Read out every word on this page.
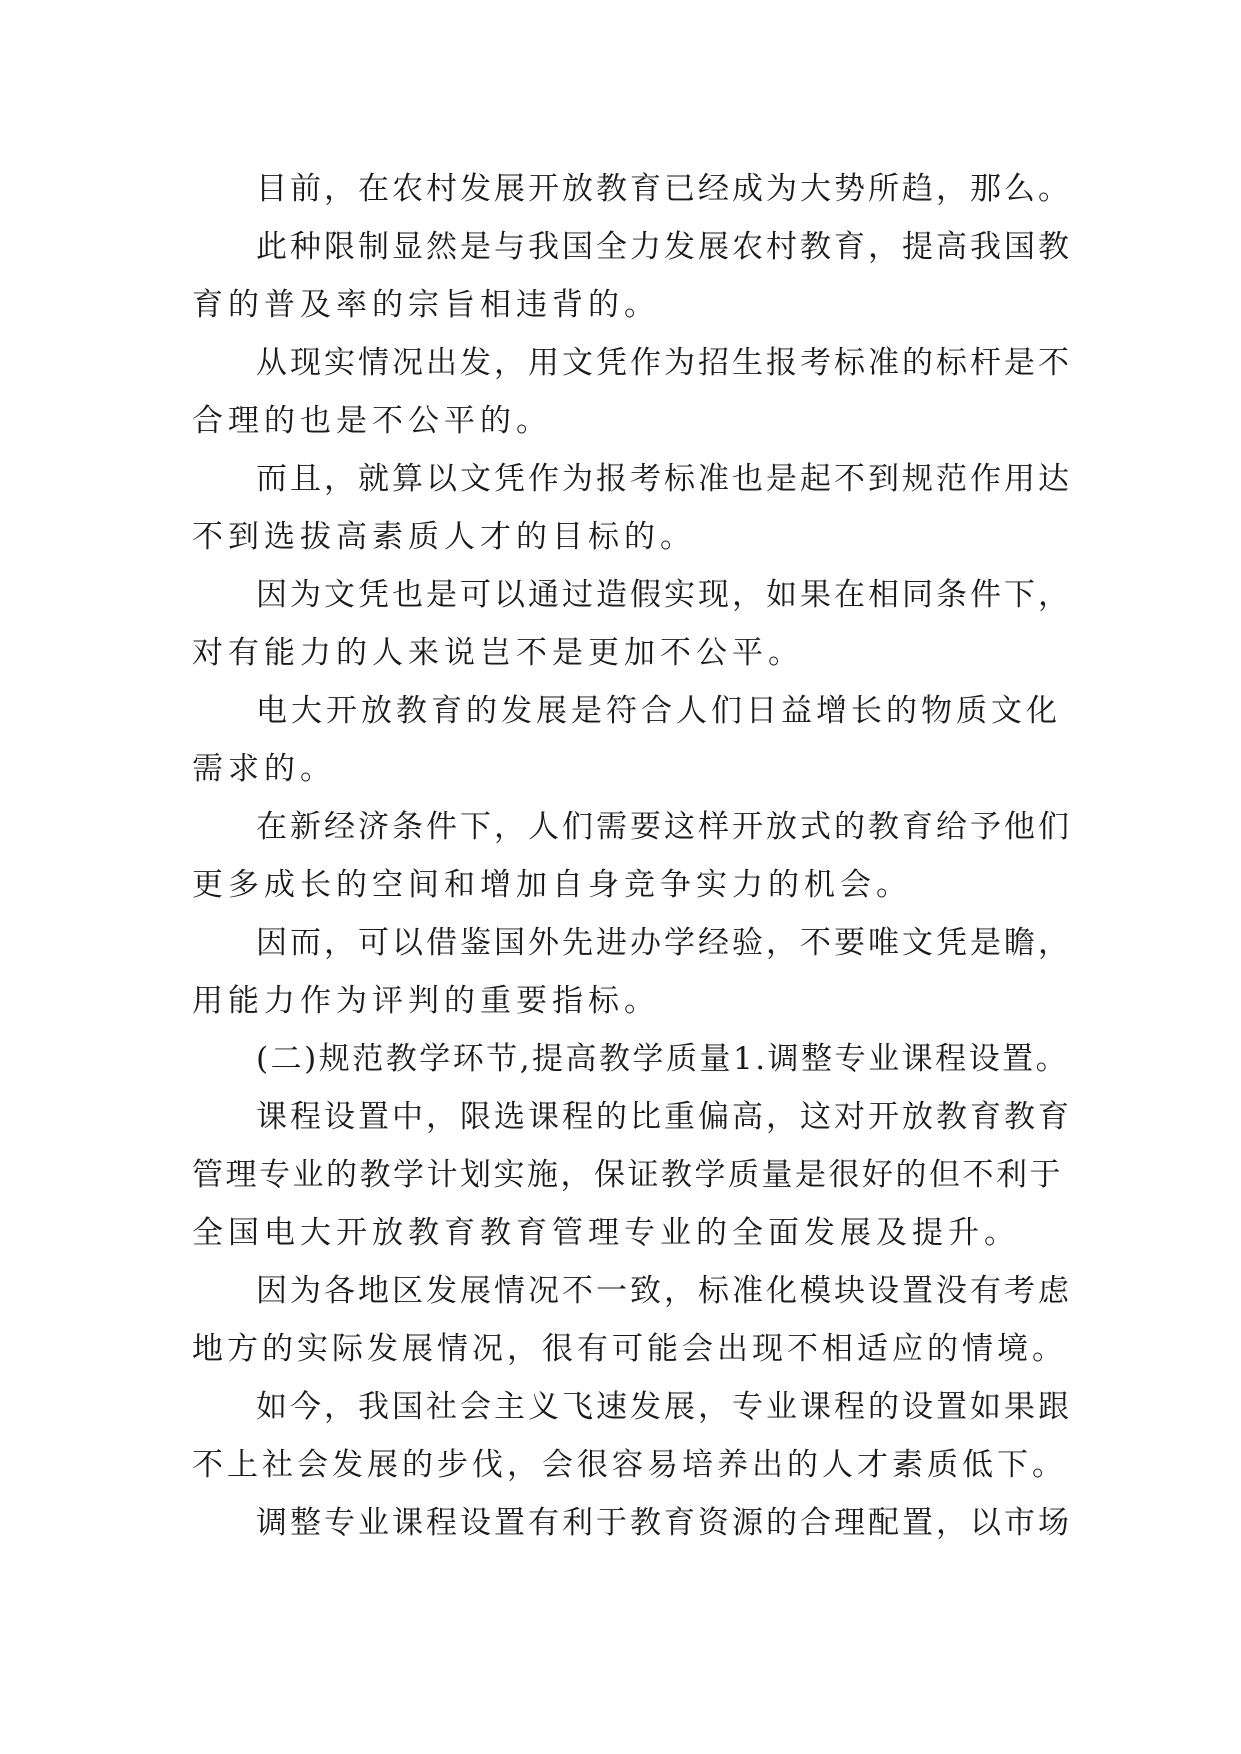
目前，在农村发展开放教育已经成为大势所趋，那么。
此种限制显然是与我国全力发展农村教育，提高我国教
育的普及率的宗旨相违背的。
从现实情况出发，用文凭作为招生报考标准的标杆是不
合理的也是不公平的。
而且，就算以文凭作为报考标准也是起不到规范作用达
不到选拔高素质人才的目标的。
因为文凭也是可以通过造假实现，如果在相同条件下，
对有能力的人来说岂不是更加不公平。
电大开放教育的发展是符合人们日益增长的物质文化
需求的。
在新经济条件下，人们需要这样开放式的教育给予他们
更多成长的空间和增加自身竞争实力的机会。
因而，可以借鉴国外先进办学经验，不要唯文凭是瞻，
用能力作为评判的重要指标。
(二)规范教学环节,提高教学质量1.调整专业课程设置。
课程设置中，限选课程的比重偏高，这对开放教育教育
管理专业的教学计划实施，保证教学质量是很好的但不利于
全国电大开放教育教育管理专业的全面发展及提升。
因为各地区发展情况不一致，标准化模块设置没有考虑
地方的实际发展情况，很有可能会出现不相适应的情境。
如今，我国社会主义飞速发展，专业课程的设置如果跟
不上社会发展的步伐，会很容易培养出的人才素质低下。
调整专业课程设置有利于教育资源的合理配置，以市场
